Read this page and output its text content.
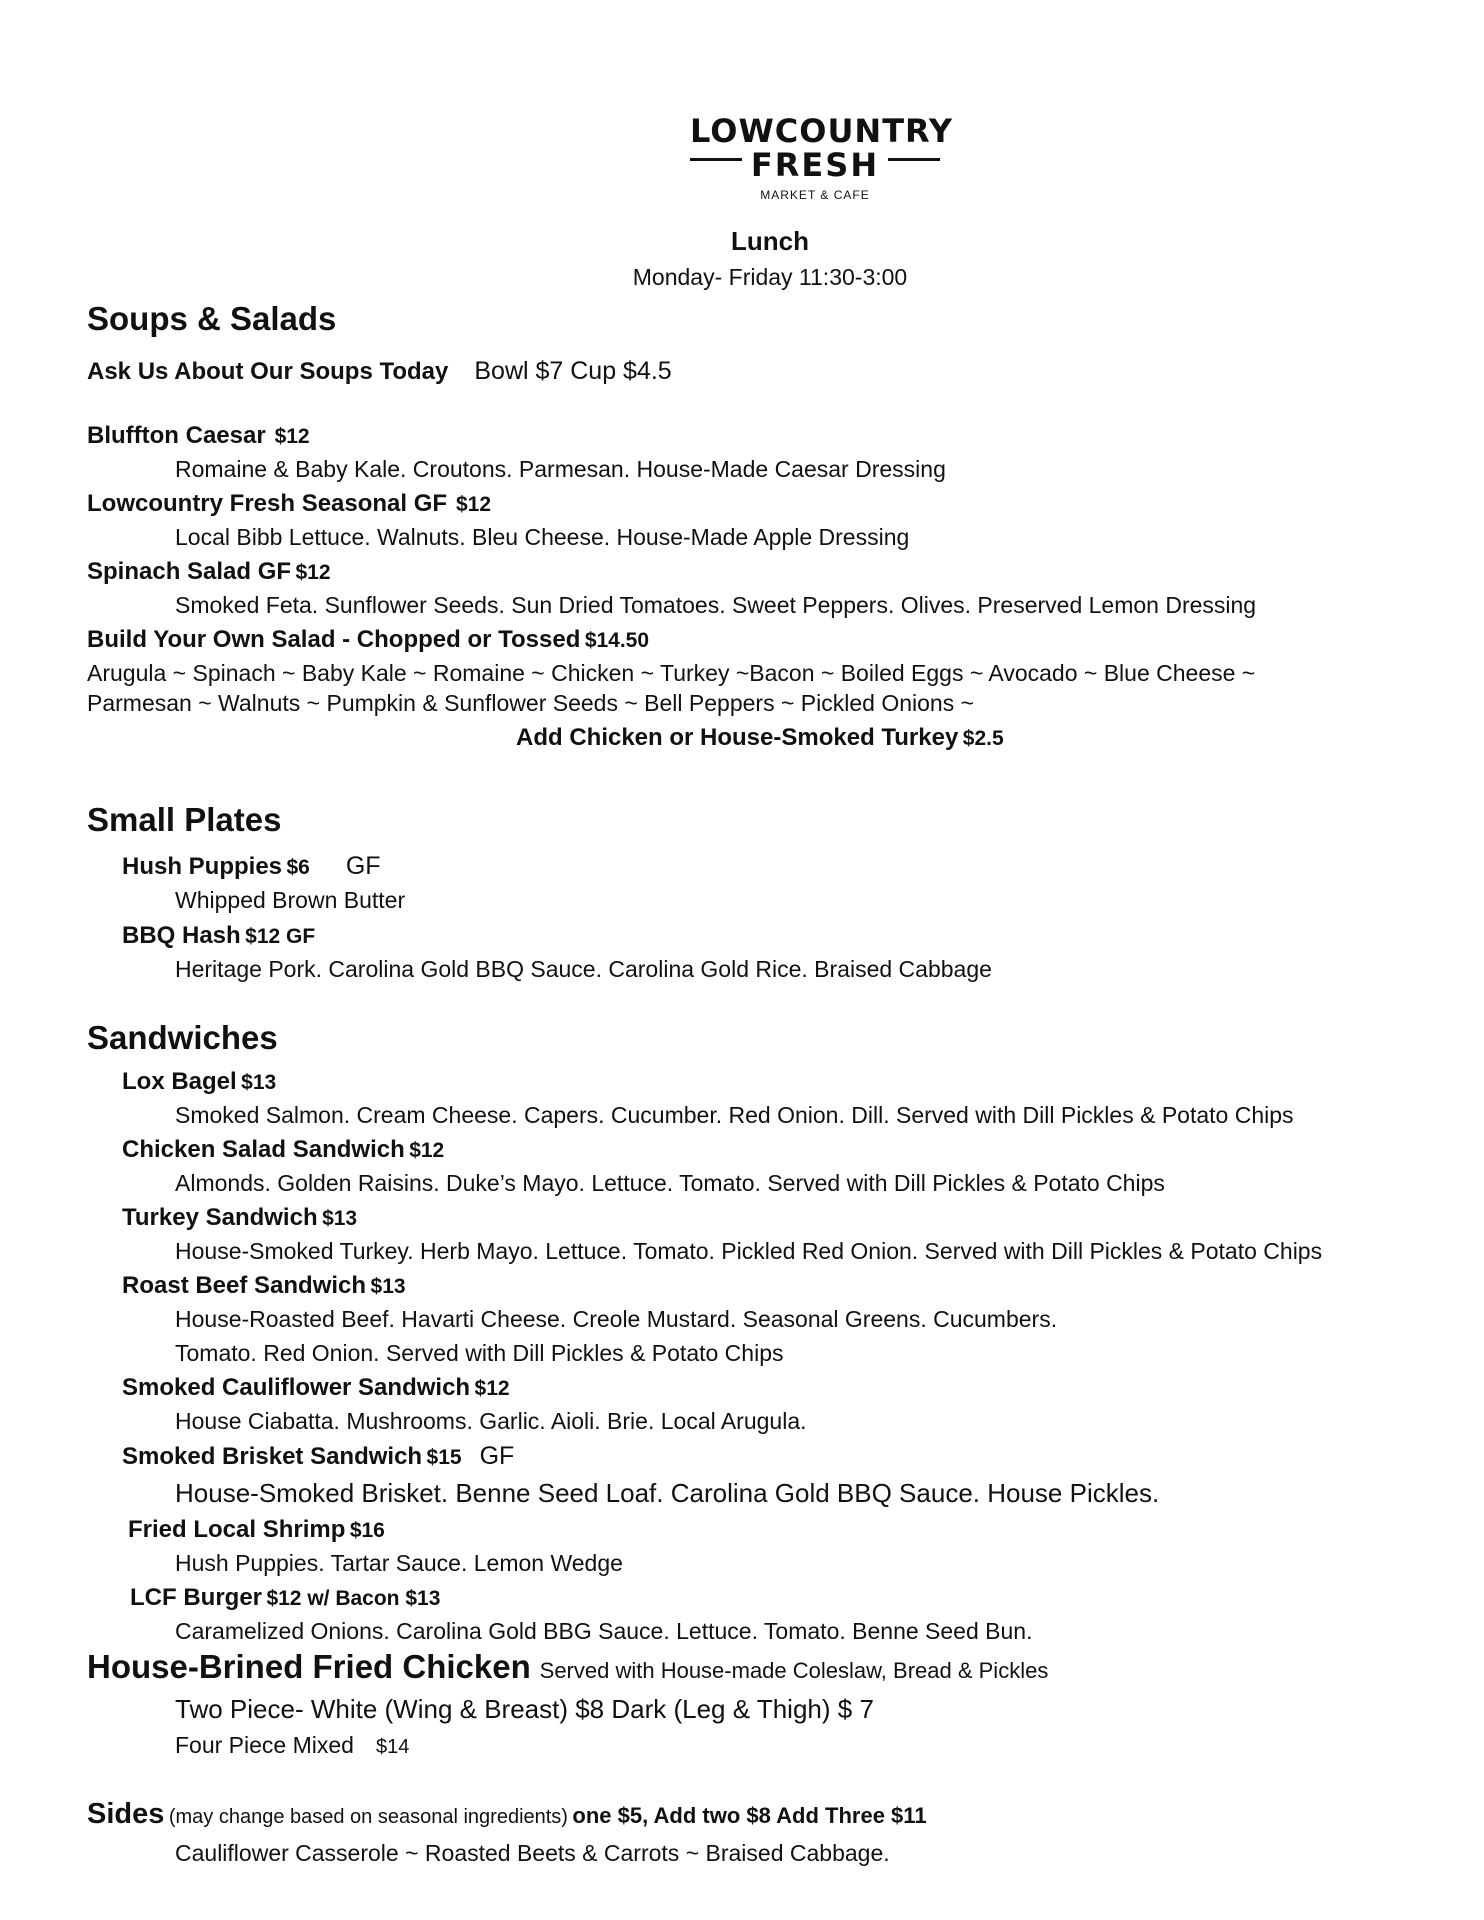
LOWCOUNTRY
FRESH
MARKET & CAFE
Lunch
Monday- Friday 11:30-3:00
Soups & Salads
Ask Us About Our Soups Today Bowl $7 Cup $4.5
Bluffton Caesar $12
Romaine & Baby Kale. Croutons. Parmesan. House-Made Caesar Dressing
Lowcountry Fresh Seasonal GF $12
Local Bibb Lettuce. Walnuts. Bleu Cheese. House-Made Apple Dressing
Spinach Salad GF $12
Smoked Feta. Sunflower Seeds. Sun Dried Tomatoes. Sweet Peppers. Olives. Preserved Lemon Dressing
Build Your Own Salad - Chopped or Tossed $14.50
Arugula ~ Spinach ~ Baby Kale ~ Romaine ~ Chicken ~ Turkey ~Bacon ~ Boiled Eggs ~ Avocado ~ Blue Cheese ~
Parmesan ~ Walnuts ~ Pumpkin & Sunflower Seeds ~ Bell Peppers ~ Pickled Onions ~
Add Chicken or House-Smoked Turkey $2.5
Small Plates
Hush Puppies $6 GF
Whipped Brown Butter
BBQ Hash $12 GF
Heritage Pork. Carolina Gold BBQ Sauce. Carolina Gold Rice. Braised Cabbage
Sandwiches
Lox Bagel $13
Smoked Salmon. Cream Cheese. Capers. Cucumber. Red Onion. Dill. Served with Dill Pickles & Potato Chips
Chicken Salad Sandwich $12
Almonds. Golden Raisins. Duke’s Mayo. Lettuce. Tomato. Served with Dill Pickles & Potato Chips
Turkey Sandwich $13
House-Smoked Turkey. Herb Mayo. Lettuce. Tomato. Pickled Red Onion. Served with Dill Pickles & Potato Chips
Roast Beef Sandwich $13
House-Roasted Beef. Havarti Cheese. Creole Mustard. Seasonal Greens. Cucumbers.
Tomato. Red Onion. Served with Dill Pickles & Potato Chips
Smoked Cauliflower Sandwich $12
House Ciabatta. Mushrooms. Garlic. Aioli. Brie. Local Arugula.
Smoked Brisket Sandwich $15 GF
House-Smoked Brisket. Benne Seed Loaf. Carolina Gold BBQ Sauce. House Pickles.
Fried Local Shrimp $16
Hush Puppies. Tartar Sauce. Lemon Wedge
LCF Burger $12 w/ Bacon $13
Caramelized Onions. Carolina Gold BBG Sauce. Lettuce. Tomato. Benne Seed Bun.
House-Brined Fried Chicken Served with House-made Coleslaw, Bread & Pickles
Two Piece- White (Wing & Breast) $8 Dark (Leg & Thigh) $ 7
Four Piece Mixed $14
Sides (may change based on seasonal ingredients) one $5, Add two $8 Add Three $11
Cauliflower Casserole ~ Roasted Beets & Carrots ~ Braised Cabbage.
